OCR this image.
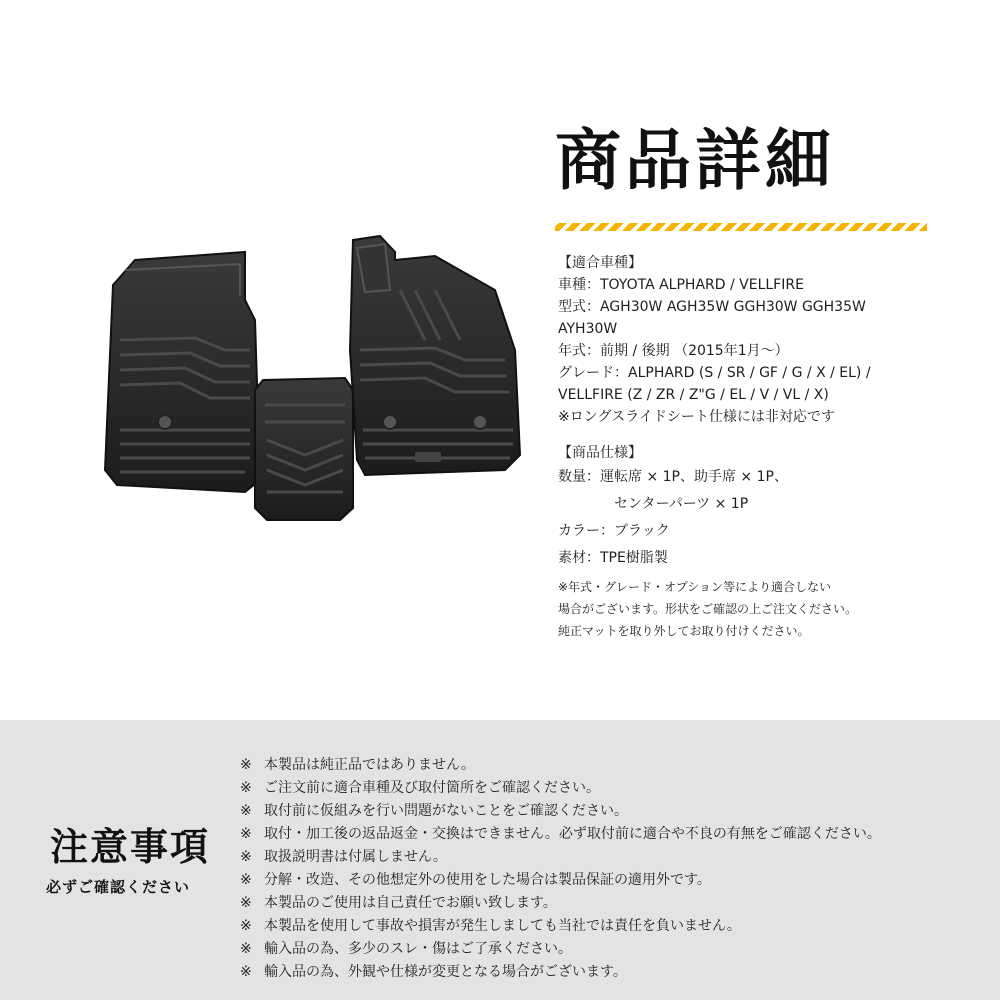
商品詳細

【適合車種】

車種：TOYOTA ALPHARD / VELLFIRE

型式：AGH30W AGH35W GGH30W GGH35W

AYH30W

年式：前期 / 後期 （2015年1月～）

グレード：ALPHARD (S / SR / GF / G / X / EL) /

VELLFIRE (Z / ZR / Z"G / EL / V / VL / X)

※ロングスライドシート仕様には非対応です

【商品仕様】

数量：運転席 × 1P、助手席 × 1P、

センターパーツ × 1P

カラー：ブラック

素材：TPE樹脂製

※年式・グレード・オプション等により適合しない

場合がございます。形状をご確認の上ご注文ください。

純正マットを取り外してお取り付けください。

注意事項
必ずご確認ください
※ 本製品は純正品ではありません。
※ ご注文前に適合車種及び取付箇所をご確認ください。
※ 取付前に仮組みを行い問題がないことをご確認ください。
※ 取付・加工後の返品返金・交換はできません。必ず取付前に適合や不良の有無をご確認ください。
※ 取扱説明書は付属しません。
※ 分解・改造、その他想定外の使用をした場合は製品保証の適用外です。
※ 本製品のご使用は自己責任でお願い致します。
※ 本製品を使用して事故や損害が発生しましても当社では責任を負いません。
※ 輸入品の為、多少のスレ・傷はご了承ください。
※ 輸入品の為、外観や仕様が変更となる場合がございます。
